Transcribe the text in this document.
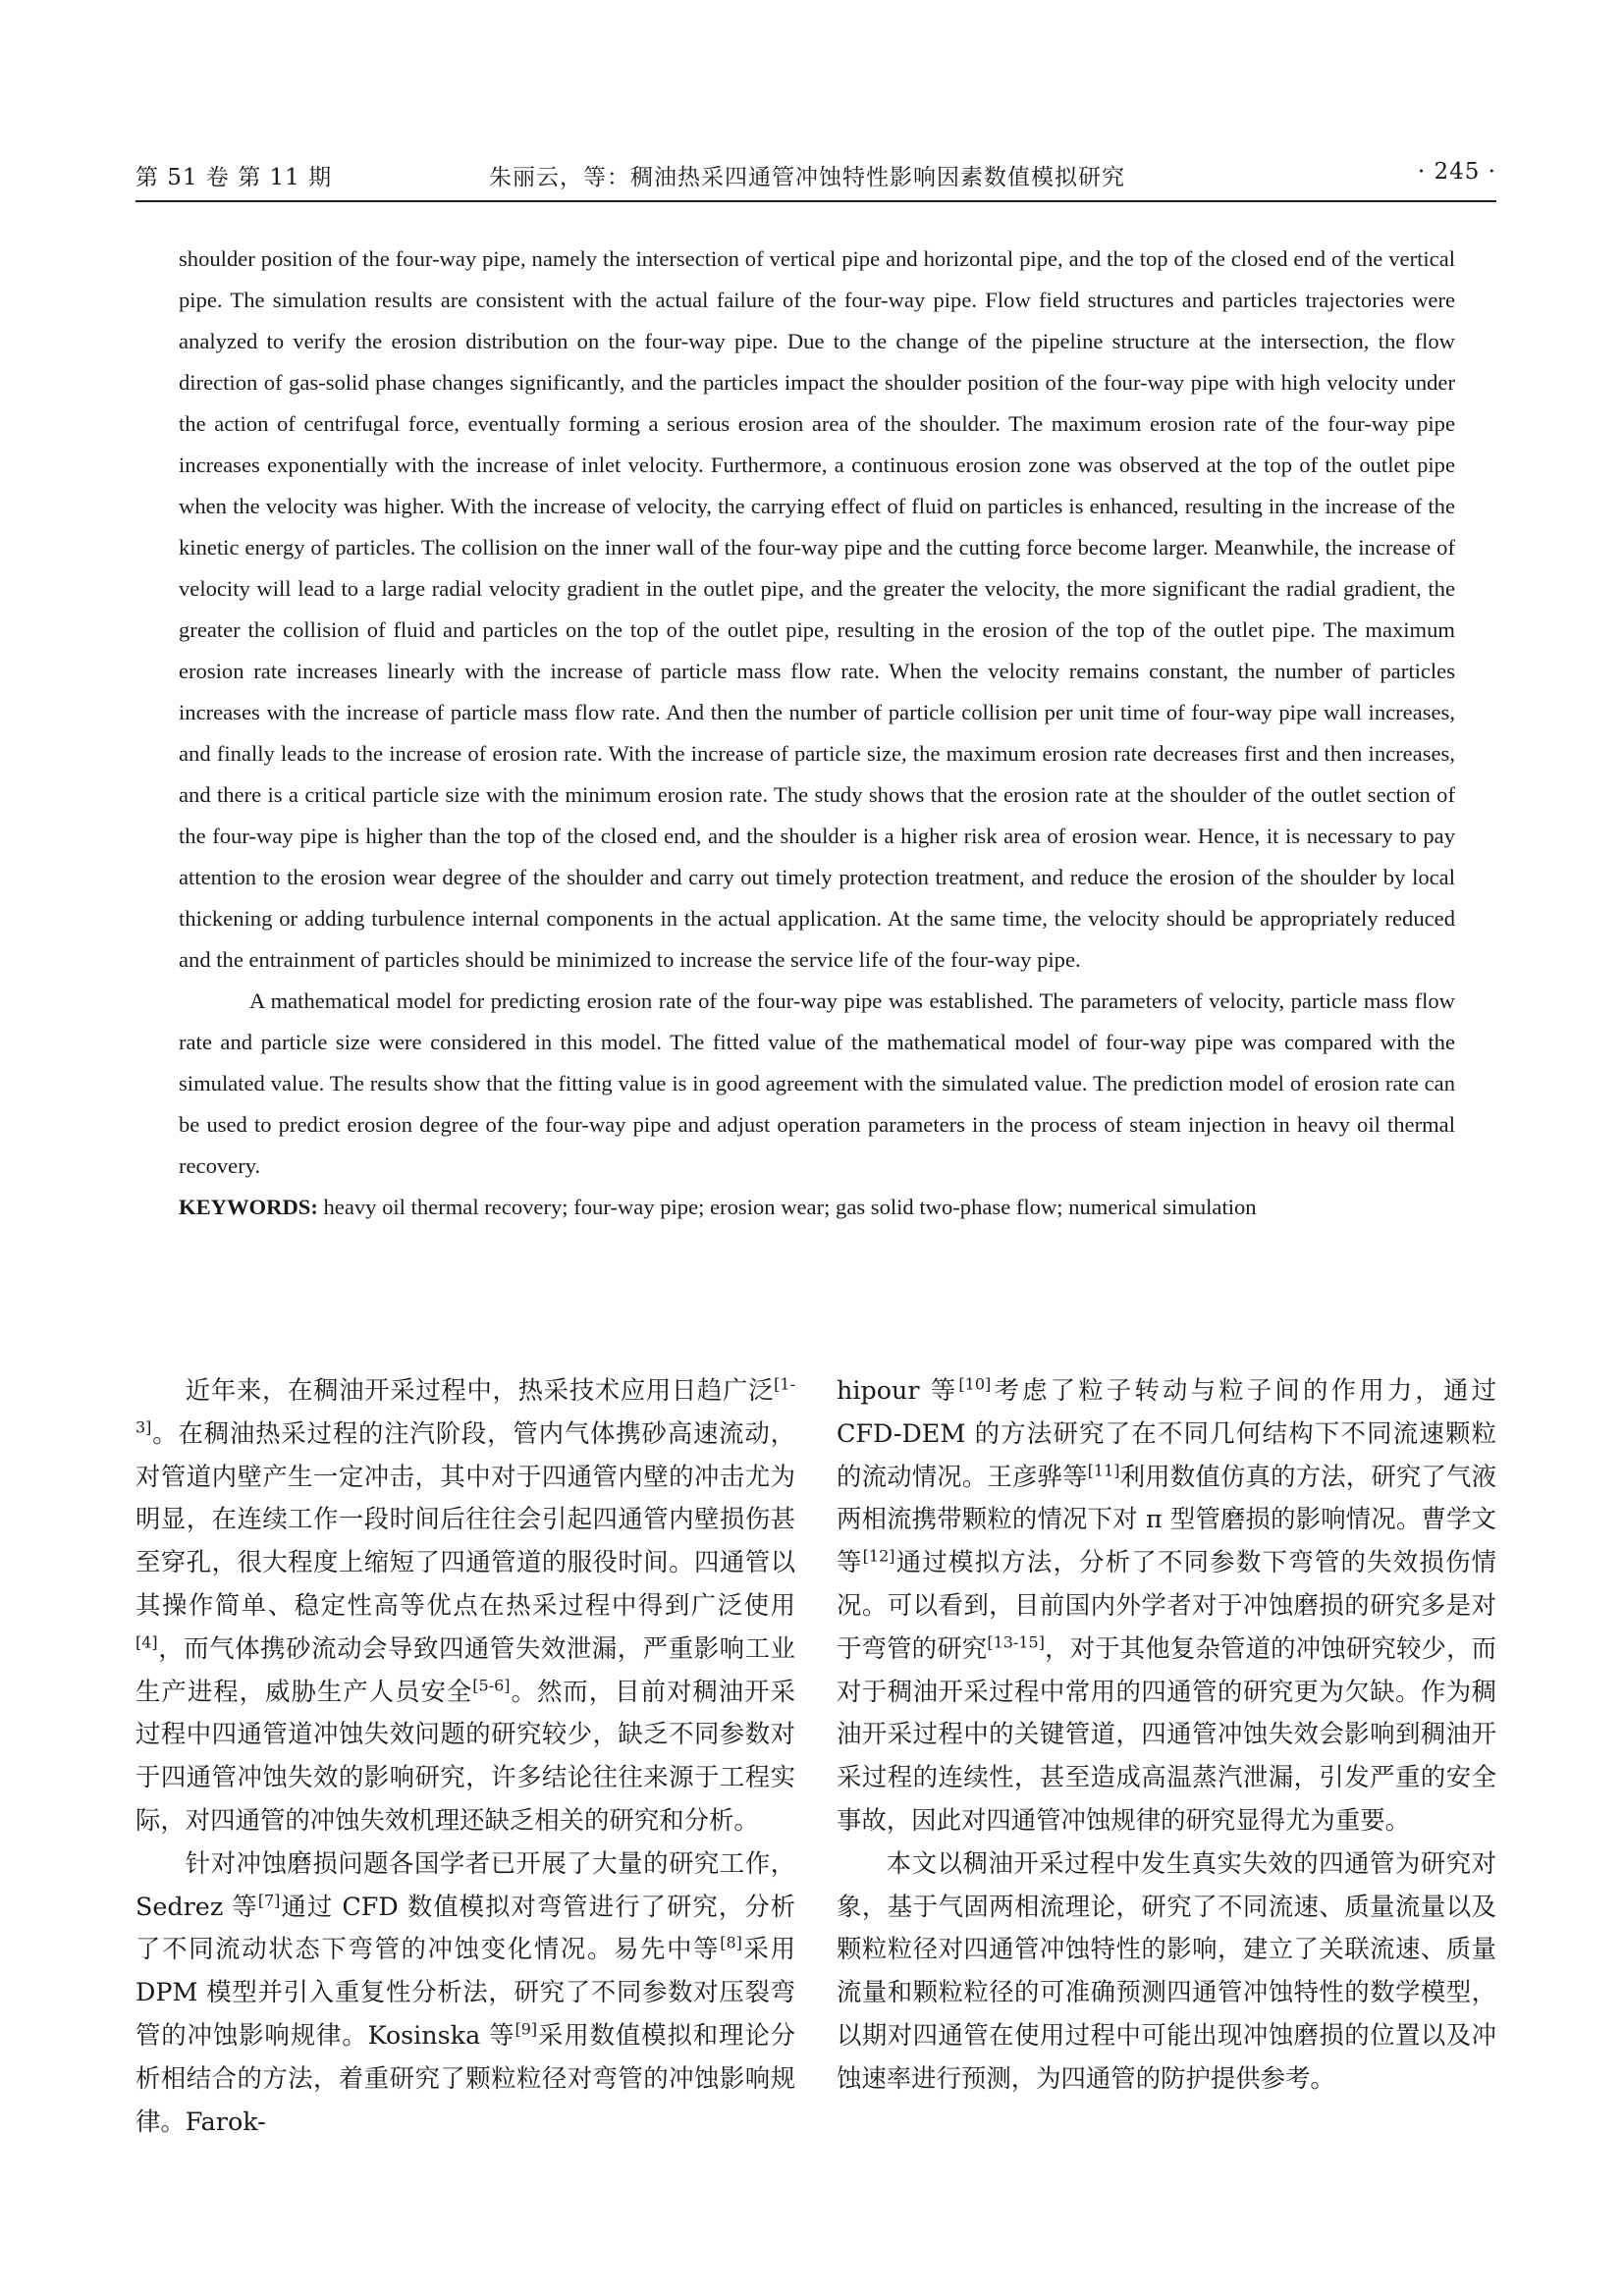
第 51 卷 第 11 期	朱丽云，等：稠油热采四通管冲蚀特性影响因素数值模拟研究	· 245 ·

shoulder position of the four-way pipe, namely the intersection of vertical pipe and horizontal pipe, and the top of the closed end of the vertical pipe. The simulation results are consistent with the actual failure of the four-way pipe. Flow field structures and particles trajectories were analyzed to verify the erosion distribution on the four-way pipe. Due to the change of the pipeline structure at the intersection, the flow direction of gas-solid phase changes significantly, and the particles impact the shoulder position of the four-way pipe with high velocity under the action of centrifugal force, eventually forming a serious erosion area of the shoulder. The maximum erosion rate of the four-way pipe increases exponentially with the increase of inlet velocity. Furthermore, a continuous erosion zone was observed at the top of the outlet pipe when the velocity was higher. With the increase of velocity, the carrying effect of fluid on particles is enhanced, resulting in the increase of the kinetic energy of particles. The collision on the inner wall of the four-way pipe and the cutting force become larger. Meanwhile, the increase of velocity will lead to a large radial velocity gradient in the outlet pipe, and the greater the velocity, the more significant the radial gradient, the greater the collision of fluid and particles on the top of the outlet pipe, resulting in the erosion of the top of the outlet pipe. The maximum erosion rate increases linearly with the increase of particle mass flow rate. When the velocity remains constant, the number of particles increases with the increase of particle mass flow rate. And then the number of particle collision per unit time of four-way pipe wall increases, and finally leads to the increase of erosion rate. With the increase of particle size, the maximum erosion rate decreases first and then increases, and there is a critical particle size with the minimum erosion rate. The study shows that the erosion rate at the shoulder of the outlet section of the four-way pipe is higher than the top of the closed end, and the shoulder is a higher risk area of erosion wear. Hence, it is necessary to pay attention to the erosion wear degree of the shoulder and carry out timely protection treatment, and reduce the erosion of the shoulder by local thickening or adding turbulence internal components in the actual application. At the same time, the velocity should be appropriately reduced and the entrainment of particles should be minimized to increase the service life of the four-way pipe.

A mathematical model for predicting erosion rate of the four-way pipe was established. The parameters of velocity, particle mass flow rate and particle size were considered in this model. The fitted value of the mathematical model of four-way pipe was compared with the simulated value. The results show that the fitting value is in good agreement with the simulated value. The prediction model of erosion rate can be used to predict erosion degree of the four-way pipe and adjust operation parameters in the process of steam injection in heavy oil thermal recovery.

KEYWORDS: heavy oil thermal recovery; four-way pipe; erosion wear; gas solid two-phase flow; numerical simulation

近年来，在稠油开采过程中，热采技术应用日趋广泛[1-3]。在稠油热采过程的注汽阶段，管内气体携砂高速流动，对管道内壁产生一定冲击，其中对于四通管内壁的冲击尤为明显，在连续工作一段时间后往往会引起四通管内壁损伤甚至穿孔，很大程度上缩短了四通管道的服役时间。四通管以其操作简单、稳定性高等优点在热采过程中得到广泛使用[4]，而气体携砂流动会导致四通管失效泄漏，严重影响工业生产进程，威胁生产人员安全[5-6]。然而，目前对稠油开采过程中四通管道冲蚀失效问题的研究较少，缺乏不同参数对于四通管冲蚀失效的影响研究，许多结论往往来源于工程实际，对四通管的冲蚀失效机理还缺乏相关的研究和分析。

针对冲蚀磨损问题各国学者已开展了大量的研究工作，Sedrez 等[7]通过 CFD 数值模拟对弯管进行了研究，分析了不同流动状态下弯管的冲蚀变化情况。易先中等[8]采用 DPM 模型并引入重复性分析法，研究了不同参数对压裂弯管的冲蚀影响规律。Kosinska 等[9]采用数值模拟和理论分析相结合的方法，着重研究了颗粒粒径对弯管的冲蚀影响规律。Farok-

hipour 等[10]考虑了粒子转动与粒子间的作用力，通过 CFD-DEM 的方法研究了在不同几何结构下不同流速颗粒的流动情况。王彦骅等[11]利用数值仿真的方法，研究了气液两相流携带颗粒的情况下对 π 型管磨损的影响情况。曹学文等[12]通过模拟方法，分析了不同参数下弯管的失效损伤情况。可以看到，目前国内外学者对于冲蚀磨损的研究多是对于弯管的研究[13-15]，对于其他复杂管道的冲蚀研究较少，而对于稠油开采过程中常用的四通管的研究更为欠缺。作为稠油开采过程中的关键管道，四通管冲蚀失效会影响到稠油开采过程的连续性，甚至造成高温蒸汽泄漏，引发严重的安全事故，因此对四通管冲蚀规律的研究显得尤为重要。

本文以稠油开采过程中发生真实失效的四通管为研究对象，基于气固两相流理论，研究了不同流速、质量流量以及颗粒粒径对四通管冲蚀特性的影响，建立了关联流速、质量流量和颗粒粒径的可准确预测四通管冲蚀特性的数学模型，以期对四通管在使用过程中可能出现冲蚀磨损的位置以及冲蚀速率进行预测，为四通管的防护提供参考。
